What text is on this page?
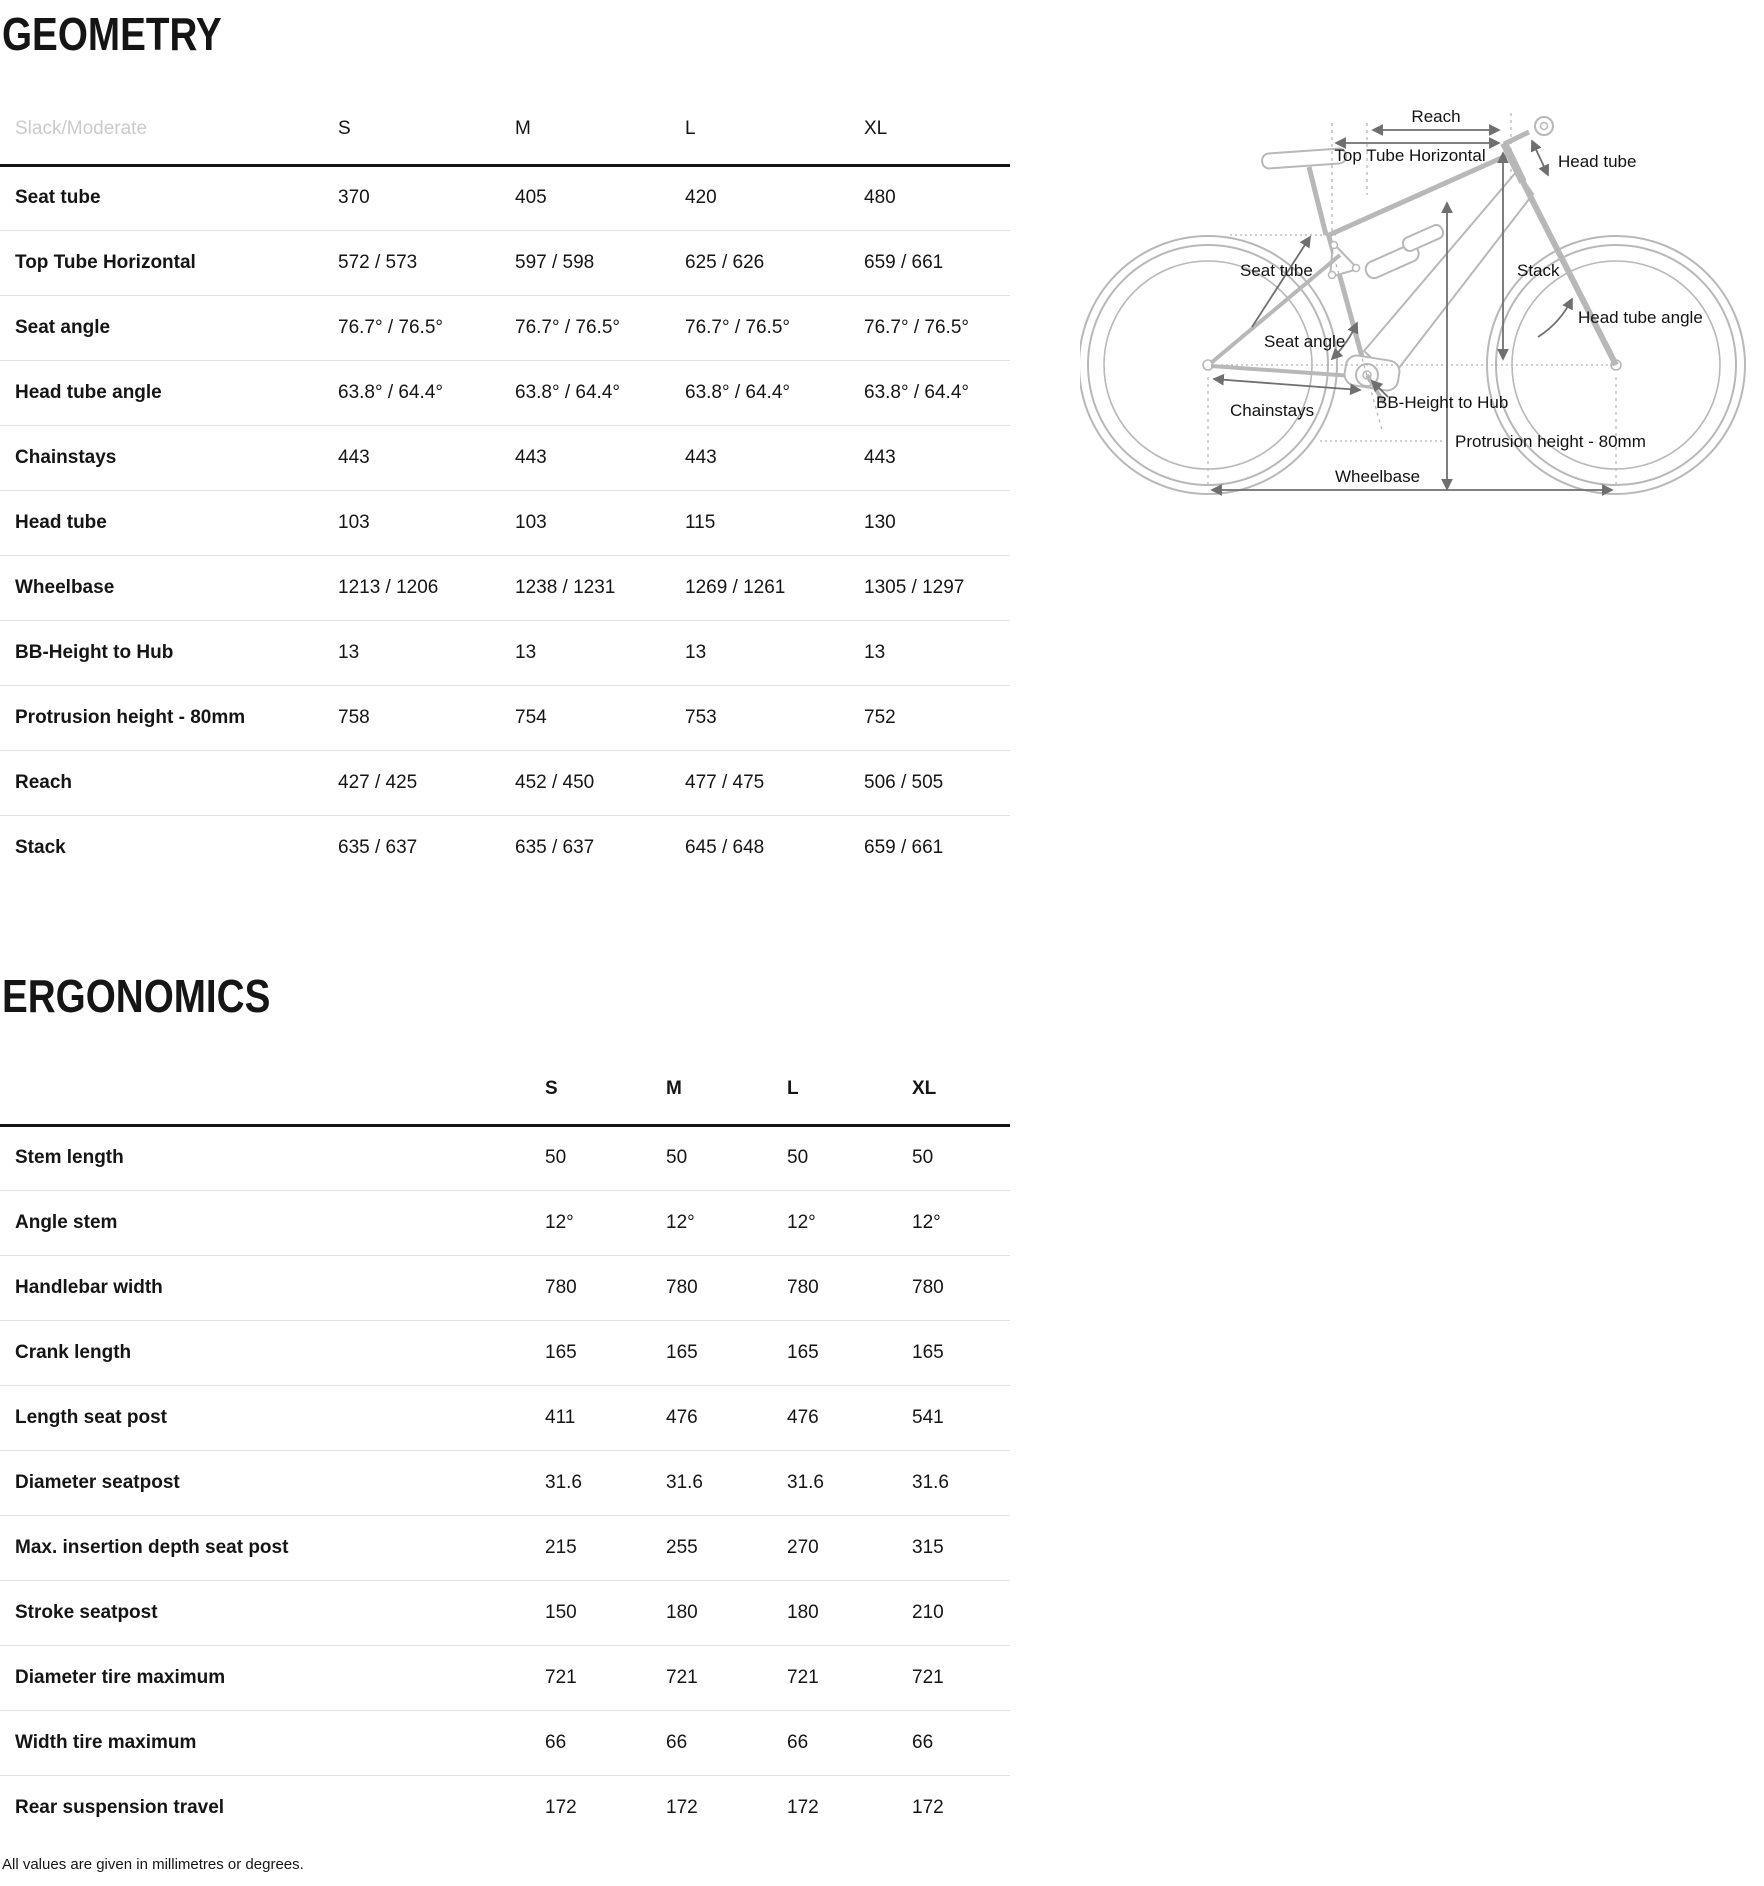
GEOMETRY
Slack/Moderate	S	M	L	XL
Seat tube	370	405	420	480
Top Tube Horizontal	572 / 573	597 / 598	625 / 626	659 / 661
Seat angle	76.7° / 76.5°	76.7° / 76.5°	76.7° / 76.5°	76.7° / 76.5°
Head tube angle	63.8° / 64.4°	63.8° / 64.4°	63.8° / 64.4°	63.8° / 64.4°
Chainstays	443	443	443	443
Head tube	103	103	115	130
Wheelbase	1213 / 1206	1238 / 1231	1269 / 1261	1305 / 1297
BB-Height to Hub	13	13	13	13
Protrusion height - 80mm	758	754	753	752
Reach	427 / 425	452 / 450	477 / 475	506 / 505
Stack	635 / 637	635 / 637	645 / 648	659 / 661
Reach
Top Tube Horizontal	Head tube
Seat tube	Stack
Head tube angle
Seat angle
Chainstays	BB-Height to Hub
Protrusion height - 80mm
Wheelbase
ERGONOMICS
	S	M	L	XL
Stem length	50	50	50	50
Angle stem	12°	12°	12°	12°
Handlebar width	780	780	780	780
Crank length	165	165	165	165
Length seat post	411	476	476	541
Diameter seatpost	31.6	31.6	31.6	31.6
Max. insertion depth seat post	215	255	270	315
Stroke seatpost	150	180	180	210
Diameter tire maximum	721	721	721	721
Width tire maximum	66	66	66	66
Rear suspension travel	172	172	172	172
All values are given in millimetres or degrees.
